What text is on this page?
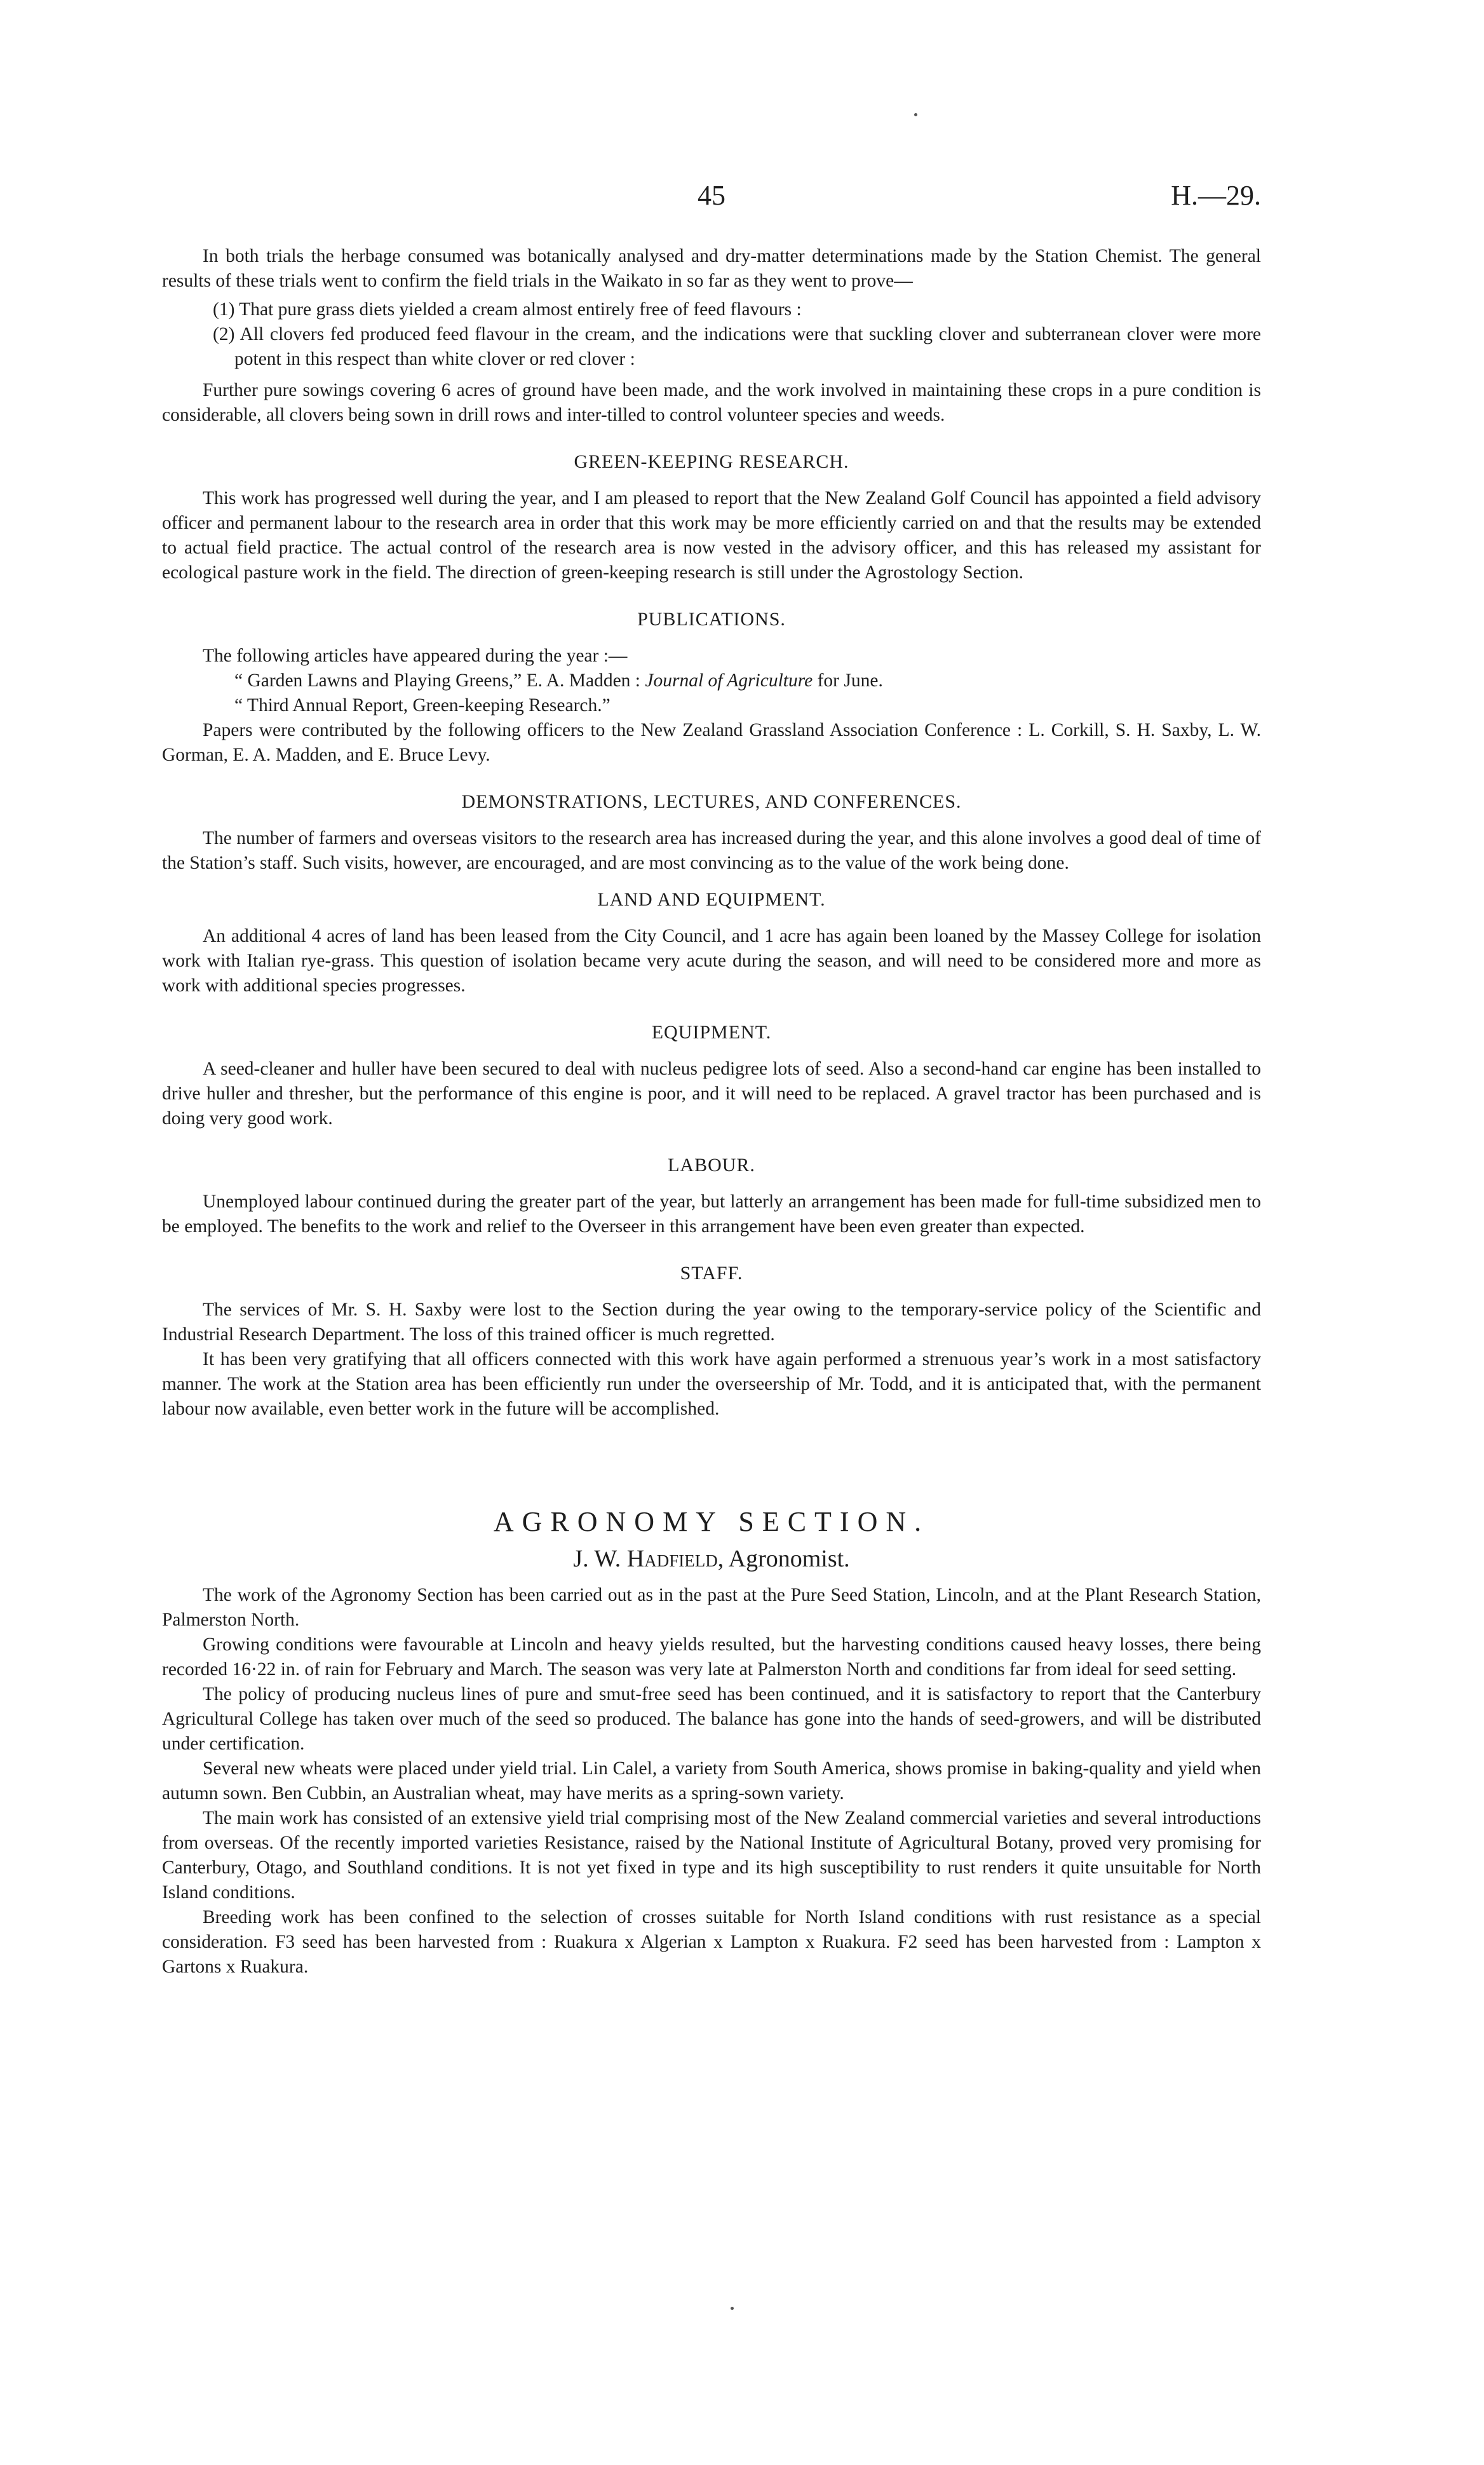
45	H.—29.

In both trials the herbage consumed was botanically analysed and dry-matter determinations made by the Station Chemist. The general results of these trials went to confirm the field trials in the Waikato in so far as they went to prove—

(1) That pure grass diets yielded a cream almost entirely free of feed flavours :

(2) All clovers fed produced feed flavour in the cream, and the indications were that suckling clover and subterranean clover were more potent in this respect than white clover or red clover :

Further pure sowings covering 6 acres of ground have been made, and the work involved in maintaining these crops in a pure condition is considerable, all clovers being sown in drill rows and inter-tilled to control volunteer species and weeds.

GREEN-KEEPING RESEARCH.

This work has progressed well during the year, and I am pleased to report that the New Zealand Golf Council has appointed a field advisory officer and permanent labour to the research area in order that this work may be more efficiently carried on and that the results may be extended to actual field practice. The actual control of the research area is now vested in the advisory officer, and this has released my assistant for ecological pasture work in the field. The direction of green-keeping research is still under the Agrostology Section.

PUBLICATIONS.

The following articles have appeared during the year :—

“ Garden Lawns and Playing Greens,” E. A. Madden : Journal of Agriculture for June.

“ Third Annual Report, Green-keeping Research.”

Papers were contributed by the following officers to the New Zealand Grassland Association Conference : L. Corkill, S. H. Saxby, L. W. Gorman, E. A. Madden, and E. Bruce Levy.

DEMONSTRATIONS, LECTURES, AND CONFERENCES.

The number of farmers and overseas visitors to the research area has increased during the year, and this alone involves a good deal of time of the Station’s staff. Such visits, however, are encouraged, and are most convincing as to the value of the work being done.

LAND AND EQUIPMENT.

An additional 4 acres of land has been leased from the City Council, and 1 acre has again been loaned by the Massey College for isolation work with Italian rye-grass. This question of isolation became very acute during the season, and will need to be considered more and more as work with additional species progresses.

EQUIPMENT.

A seed-cleaner and huller have been secured to deal with nucleus pedigree lots of seed. Also a second-hand car engine has been installed to drive huller and thresher, but the performance of this engine is poor, and it will need to be replaced. A gravel tractor has been purchased and is doing very good work.

LABOUR.

Unemployed labour continued during the greater part of the year, but latterly an arrangement has been made for full-time subsidized men to be employed. The benefits to the work and relief to the Overseer in this arrangement have been even greater than expected.

STAFF.

The services of Mr. S. H. Saxby were lost to the Section during the year owing to the temporary-service policy of the Scientific and Industrial Research Department. The loss of this trained officer is much regretted.

It has been very gratifying that all officers connected with this work have again performed a strenuous year’s work in a most satisfactory manner. The work at the Station area has been efficiently run under the overseership of Mr. Todd, and it is anticipated that, with the permanent labour now available, even better work in the future will be accomplished.

AGRONOMY SECTION.
J. W. Hadfield, Agronomist.

The work of the Agronomy Section has been carried out as in the past at the Pure Seed Station, Lincoln, and at the Plant Research Station, Palmerston North.

Growing conditions were favourable at Lincoln and heavy yields resulted, but the harvesting conditions caused heavy losses, there being recorded 16·22 in. of rain for February and March. The season was very late at Palmerston North and conditions far from ideal for seed setting.

The policy of producing nucleus lines of pure and smut-free seed has been continued, and it is satisfactory to report that the Canterbury Agricultural College has taken over much of the seed so produced. The balance has gone into the hands of seed-growers, and will be distributed under certification.

Several new wheats were placed under yield trial. Lin Calel, a variety from South America, shows promise in baking-quality and yield when autumn sown. Ben Cubbin, an Australian wheat, may have merits as a spring-sown variety.

The main work has consisted of an extensive yield trial comprising most of the New Zealand commercial varieties and several introductions from overseas. Of the recently imported varieties Resistance, raised by the National Institute of Agricultural Botany, proved very promising for Canterbury, Otago, and Southland conditions. It is not yet fixed in type and its high susceptibility to rust renders it quite unsuitable for North Island conditions.

Breeding work has been confined to the selection of crosses suitable for North Island conditions with rust resistance as a special consideration. F3 seed has been harvested from : Ruakura x Algerian x Lampton x Ruakura. F2 seed has been harvested from : Lampton x Gartons x Ruakura.
